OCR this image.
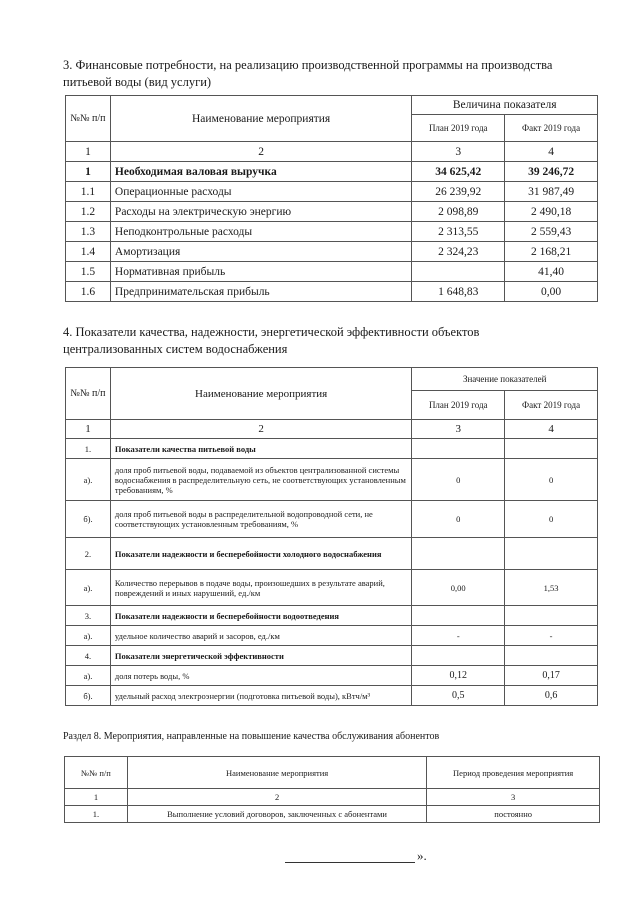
3. Финансовые потребности, на реализацию производственной программы на производства питьевой воды (вид услуги)
№№ п/п	Наименование мероприятия	Величина показателя	
		План 2019 года	Факт 2019 года
1	2	3	4
1	Необходимая валовая выручка	34 625,42	39 246,72
1.1	Операционные расходы	26 239,92	31 987,49
1.2	Расходы на электрическую энергию	2 098,89	2 490,18
1.3	Неподконтрольные расходы	2 313,55	2 559,43
1.4	Амортизация	2 324,23	2 168,21
1.5	Нормативная прибыль		41,40
1.6	Предпринимательская прибыль	1 648,83	0,00
4. Показатели качества, надежности, энергетической эффективности объектов централизованных систем водоснабжения
№№ п/п	Наименование мероприятия	Значение показателей	
		План 2019 года	Факт 2019 года
1	2	3	4
1.	Показатели качества питьевой воды		
а).	доля проб питьевой воды, подаваемой из объектов централизованной системы водоснабжения в распределительную сеть, не соответствующих установленным требованиям, %	0	0
б).	доля проб питьевой воды в распределительной водопроводной сети, не соответствующих установленным требованиям, %	0	0
2.	Показатели надежности и бесперебойности холодного водоснабжения		
а).	Количество перерывов в подаче воды, произошедших в результате аварий, повреждений и иных нарушений, ед./км	0,00	1,53
3.	Показатели надежности и бесперебойности водоотведения		
а).	удельное количество аварий и засоров, ед./км	-	-
4.	Показатели энергетической эффективности		
а).	доля потерь воды, %	0,12	0,17
б).	удельный расход электроэнергии (подготовка питьевой воды), кВтч/м³	0,5	0,6
Раздел 8. Мероприятия, направленные на повышение качества обслуживания абонентов
№№ п/п	Наименование мероприятия	Период проведения мероприятия
1	2	3
1.	Выполнение условий договоров, заключенных с абонентами	постоянно
».
